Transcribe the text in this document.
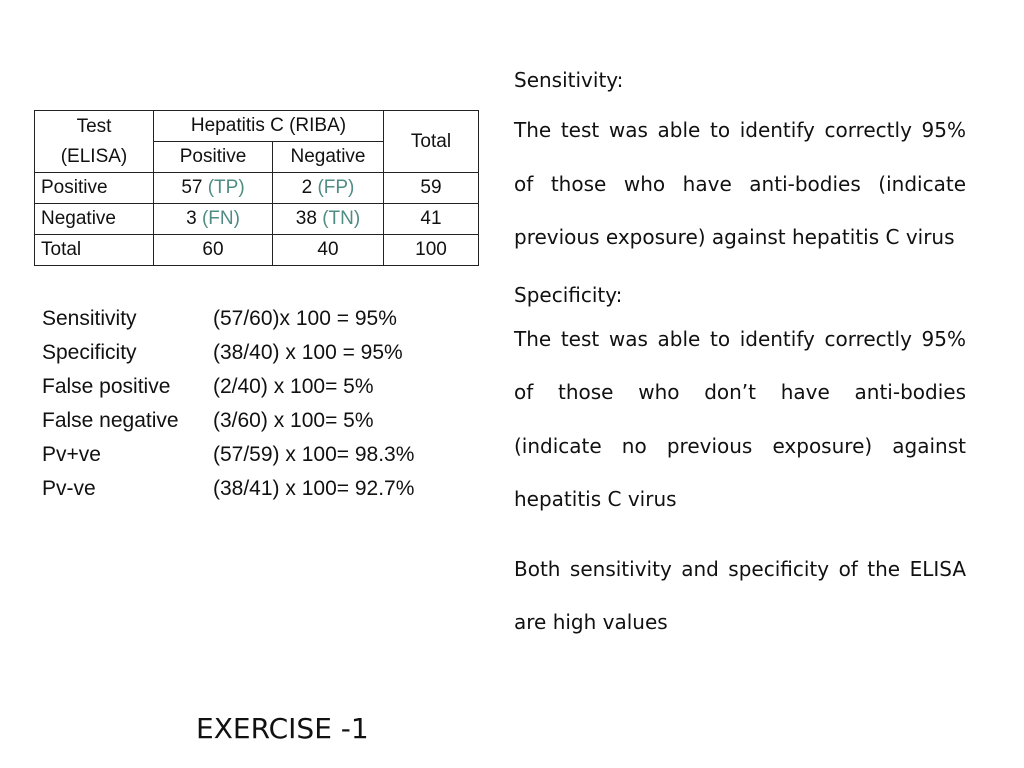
Test
(ELISA)	Hepatitis C (RIBA)		Total
	Positive	Negative	
Positive	57 (TP)	2 (FP)	59
Negative	3 (FN)	38 (TN)	41
Total	60	40	100
Sensitivity	(57/60)x 100 = 95%
Specificity	(38/40) x 100 = 95%
False positive	(2/40) x 100= 5%
False negative	(3/60) x 100= 5%
Pv+ve	(57/59) x 100= 98.3%
Pv-ve	(38/41) x 100= 92.7%
Sensitivity:

The test was able to identify correctly 95% of those who have anti-bodies (indicate previous exposure) against hepatitis C virus

Specificity:

The test was able to identify correctly 95% of those who don’t have anti-bodies (indicate no previous exposure) against hepatitis C virus

Both sensitivity and specificity of the ELISA are high values

EXERCISE -1
